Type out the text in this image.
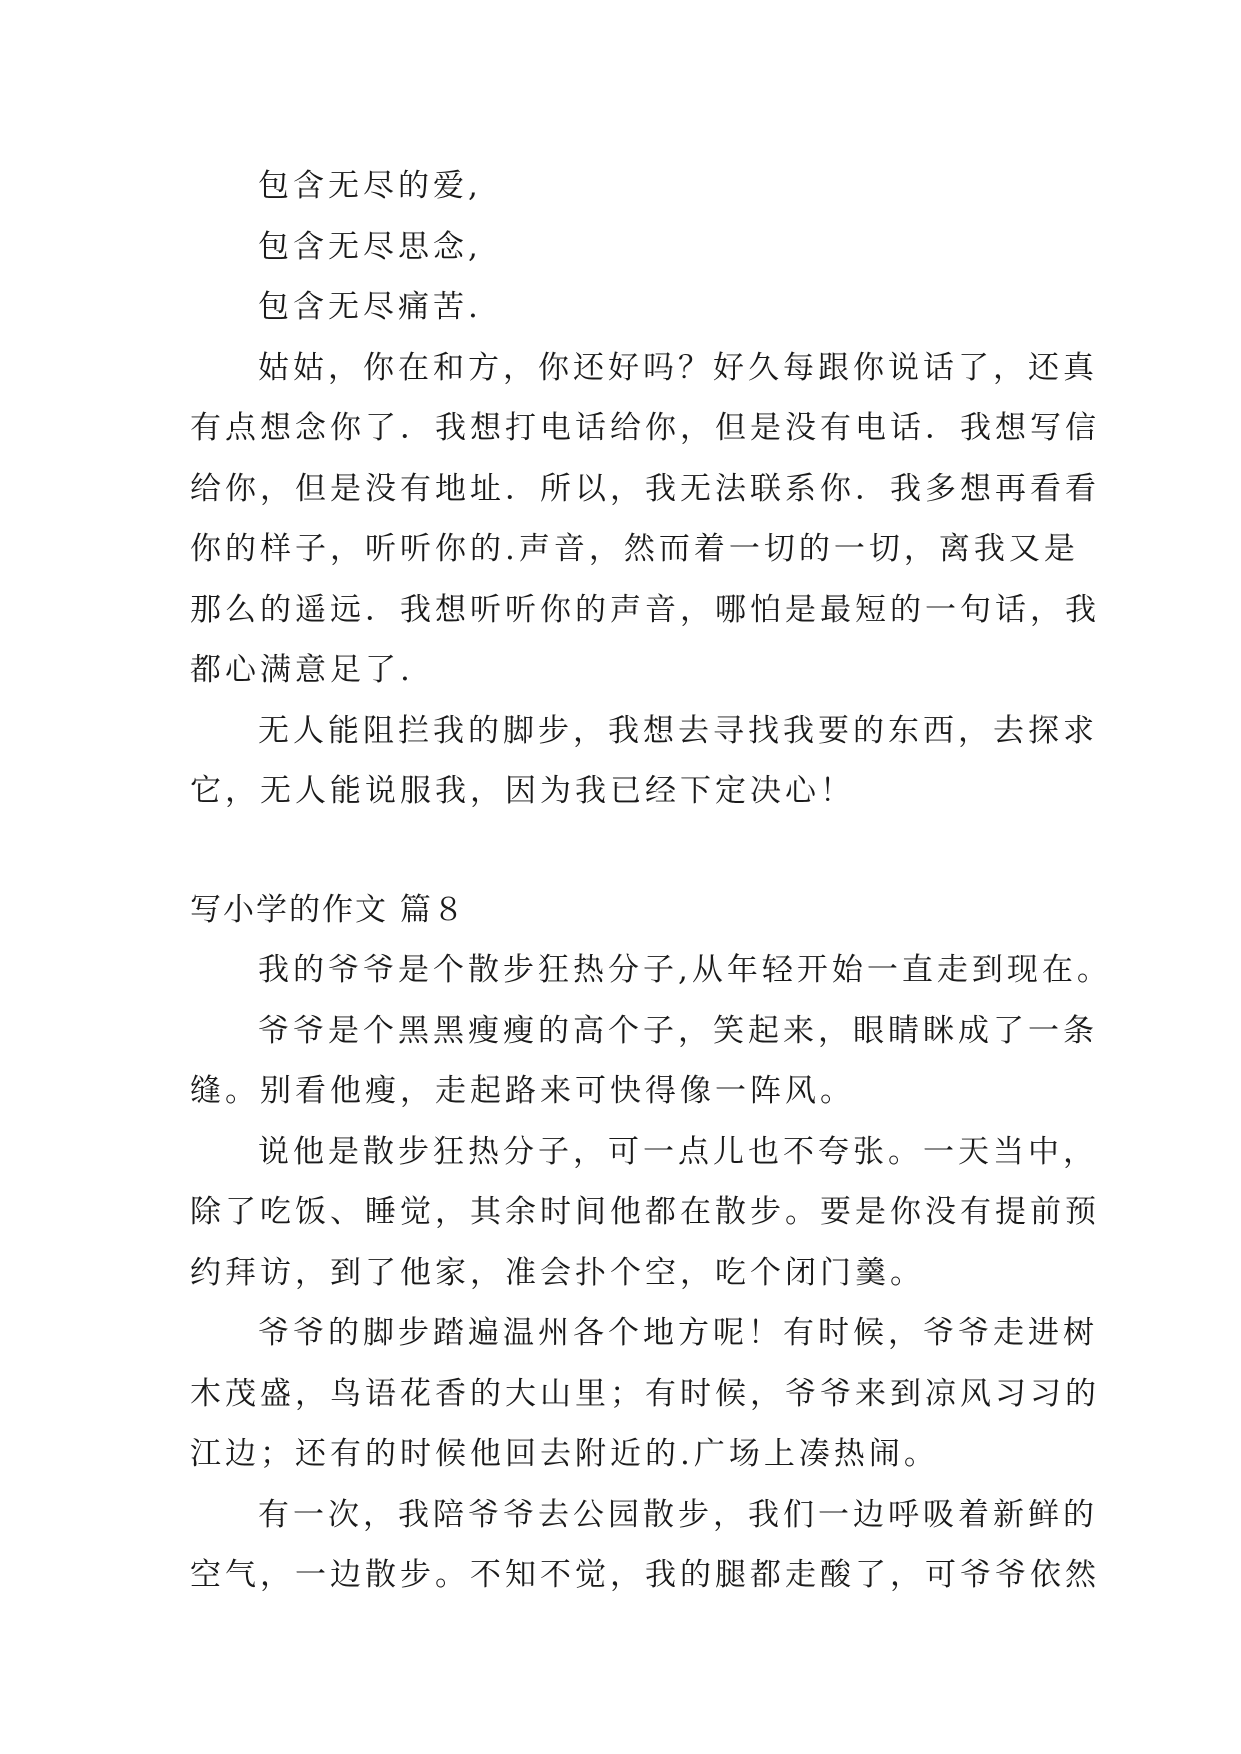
包含无尽的爱,
包含无尽思念,
包含无尽痛苦.
姑姑，你在和方，你还好吗？好久每跟你说话了，还真
有点想念你了．我想打电话给你，但是没有电话．我想写信
给你，但是没有地址．所以，我无法联系你．我多想再看看
你的样子，听听你的.声音，然而着一切的一切，离我又是
那么的遥远．我想听听你的声音，哪怕是最短的一句话，我
都心满意足了.
无人能阻拦我的脚步，我想去寻找我要的东西，去探求
它，无人能说服我，因为我已经下定决心！
写小学的作文 篇８
我的爷爷是个散步狂热分子,从年轻开始一直走到现在。
爷爷是个黑黑瘦瘦的高个子，笑起来，眼睛眯成了一条
缝。别看他瘦，走起路来可快得像一阵风。
说他是散步狂热分子，可一点儿也不夸张。一天当中，
除了吃饭、睡觉，其余时间他都在散步。要是你没有提前预
约拜访，到了他家，准会扑个空，吃个闭门羹。
爷爷的脚步踏遍温州各个地方呢！有时候，爷爷走进树
木茂盛，鸟语花香的大山里；有时候，爷爷来到凉风习习的
江边；还有的时候他回去附近的.广场上凑热闹。
有一次，我陪爷爷去公园散步，我们一边呼吸着新鲜的
空气，一边散步。不知不觉，我的腿都走酸了，可爷爷依然
